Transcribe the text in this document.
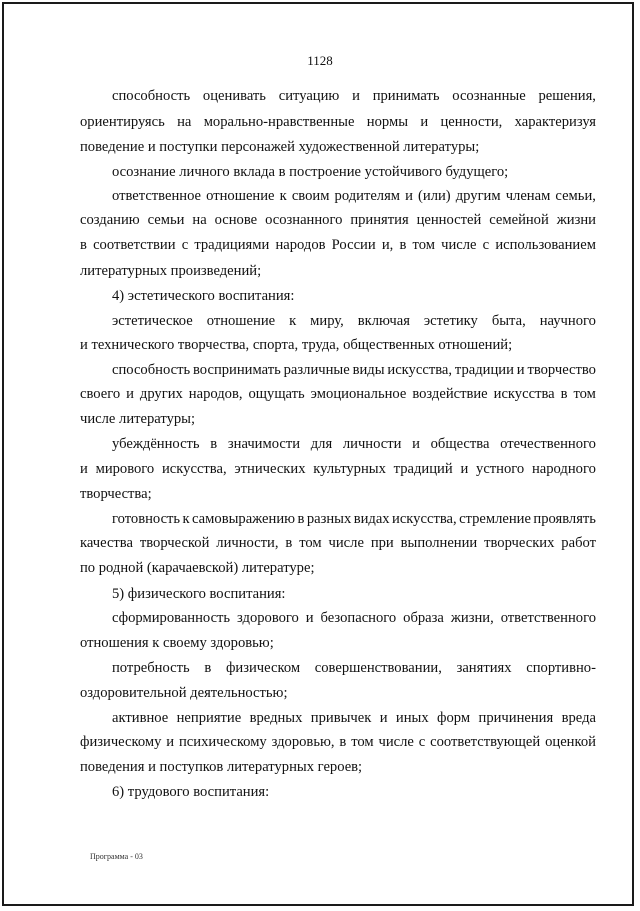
1128
способность оценивать ситуацию и принимать осознанные решения,
ориентируясь на морально-нравственные нормы и ценности, характеризуя
поведение и поступки персонажей художественной литературы;
осознание личного вклада в построение устойчивого будущего;
ответственное отношение к своим родителям и (или) другим членам семьи,
созданию семьи на основе осознанного принятия ценностей семейной жизни
в соответствии с традициями народов России и, в том числе с использованием
литературных произведений;
4) эстетического воспитания:
эстетическое отношение к миру, включая эстетику быта, научного
и технического творчества, спорта, труда, общественных отношений;
способность воспринимать различные виды искусства, традиции и творчество
своего и других народов, ощущать эмоциональное воздействие искусства в том
числе литературы;
убеждённость в значимости для личности и общества отечественного
и мирового искусства, этнических культурных традиций и устного народного
творчества;
готовность к самовыражению в разных видах искусства, стремление проявлять
качества творческой личности, в том числе при выполнении творческих работ
по родной (карачаевской) литературе;
5) физического воспитания:
сформированность здорового и безопасного образа жизни, ответственного
отношения к своему здоровью;
потребность в физическом совершенствовании, занятиях спортивно-
оздоровительной деятельностью;
активное неприятие вредных привычек и иных форм причинения вреда
физическому и психическому здоровью, в том числе с соответствующей оценкой
поведения и поступков литературных героев;
6) трудового воспитания:
Программа - 03
